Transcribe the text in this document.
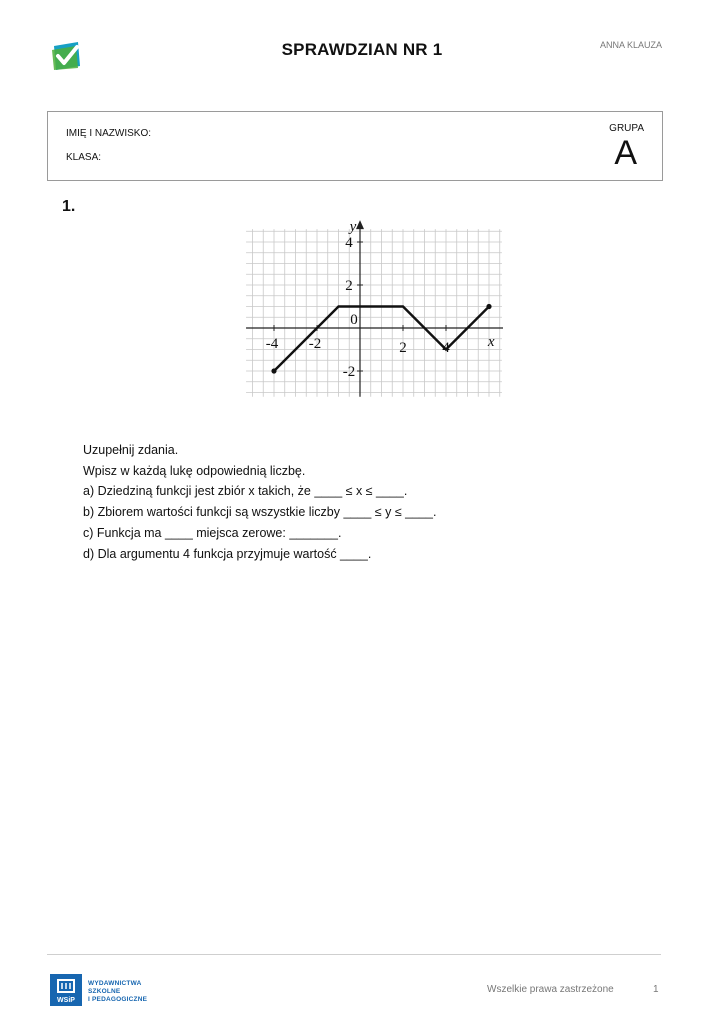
SPRAWDZIAN NR 1	ANNA KLAUZA
IMIĘ I NAZWISKO:
KLASA:
GRUPA
A
1.
-4 -2
0
2 4
4
2
-2
x
y

Uzupełnij zdania.

Wpisz w każdą lukę odpowiednią liczbę.

a) Dziedziną funkcji jest zbiór x takich, że ____ ≤ x ≤ ____.

b) Zbiorem wartości funkcji są wszystkie liczby ____ ≤ y ≤ ____.

c) Funkcja ma ____ miejsca zerowe: _______.

d) Dla argumentu 4 funkcja przyjmuje wartość ____.

WSiP
WYDAWNICTWA
SZKOLNE
I PEDAGOGICZNE
Wszelkie prawa zastrzeżone	1
